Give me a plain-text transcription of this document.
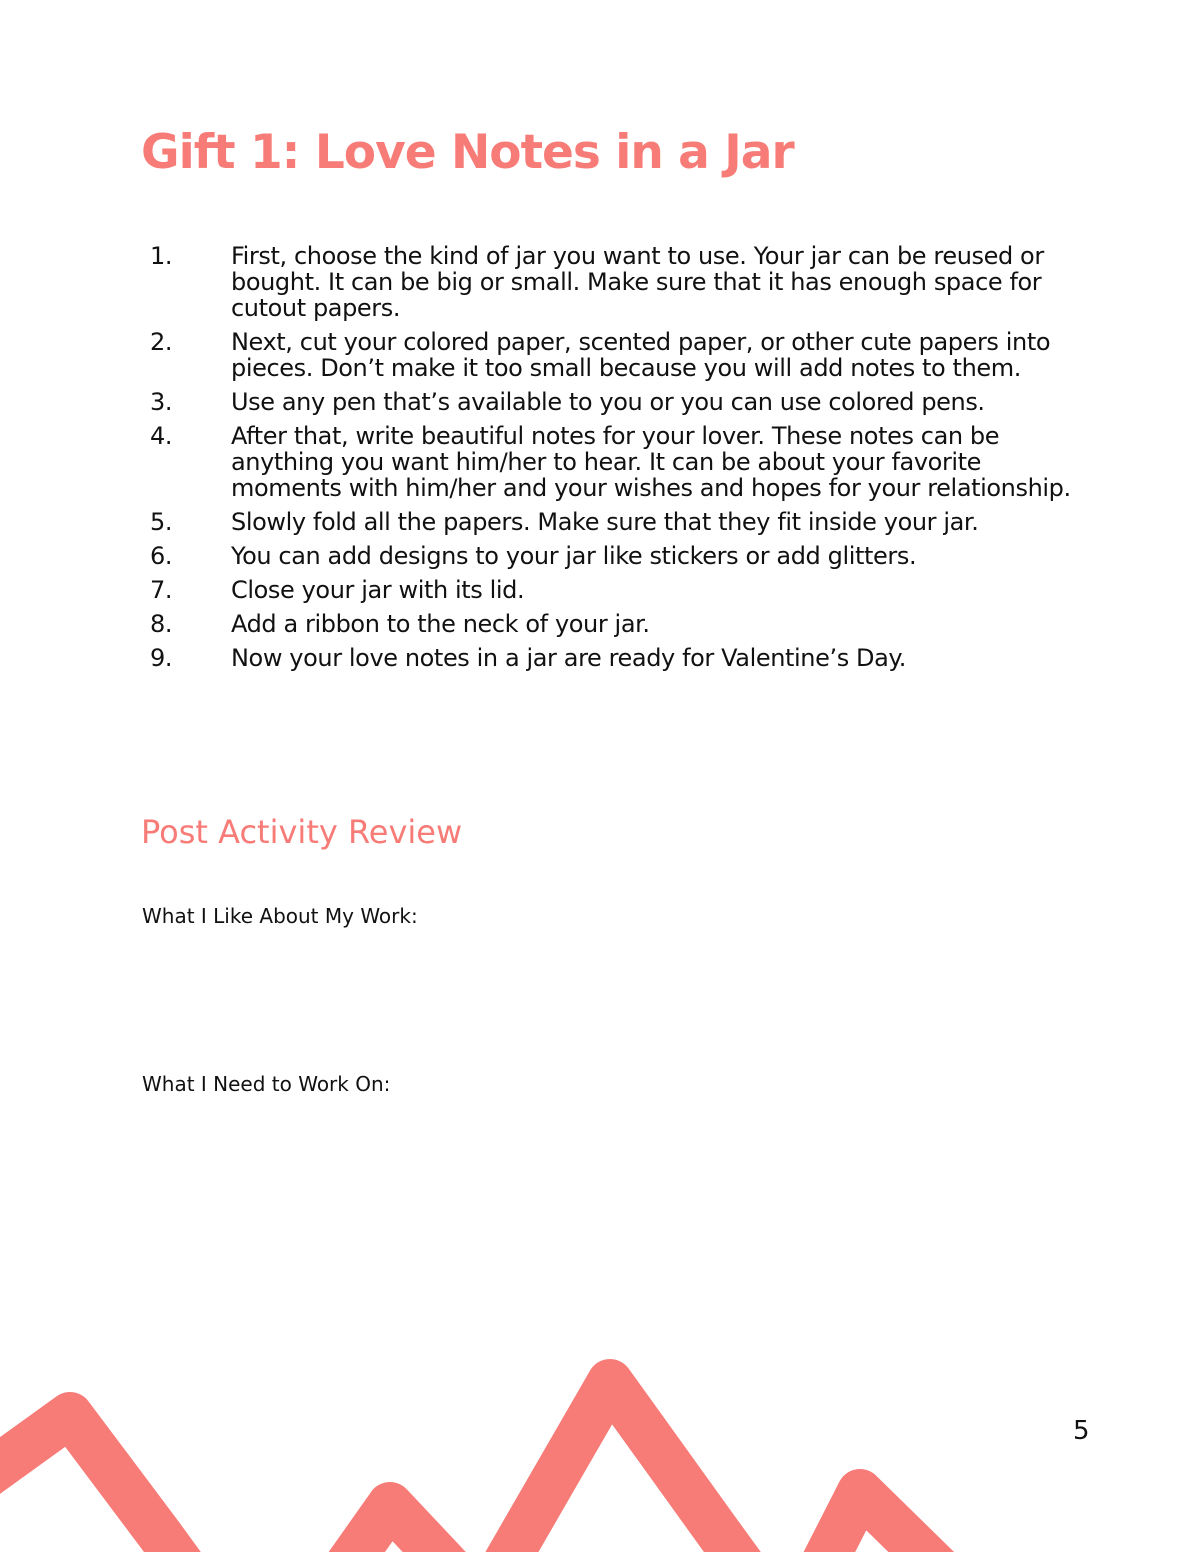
Gift 1: Love Notes in a Jar
1.	First, choose the kind of jar you want to use. Your jar can be reused or bought. It can be big or small. Make sure that it has enough space for cutout papers.
2.	Next, cut your colored paper, scented paper, or other cute papers into pieces. Don’t make it too small because you will add notes to them.
3.	Use any pen that’s available to you or you can use colored pens.
4.	After that, write beautiful notes for your lover. These notes can be anything you want him/her to hear. It can be about your favorite moments with him/her and your wishes and hopes for your relationship.
5.	Slowly fold all the papers. Make sure that they fit inside your jar.
6.	You can add designs to your jar like stickers or add glitters.
7.	Close your jar with its lid.
8.	Add a ribbon to the neck of your jar.
9.	Now your love notes in a jar are ready for Valentine’s Day.
Post Activity Review

What I Like About My Work:

What I Need to Work On:

5
